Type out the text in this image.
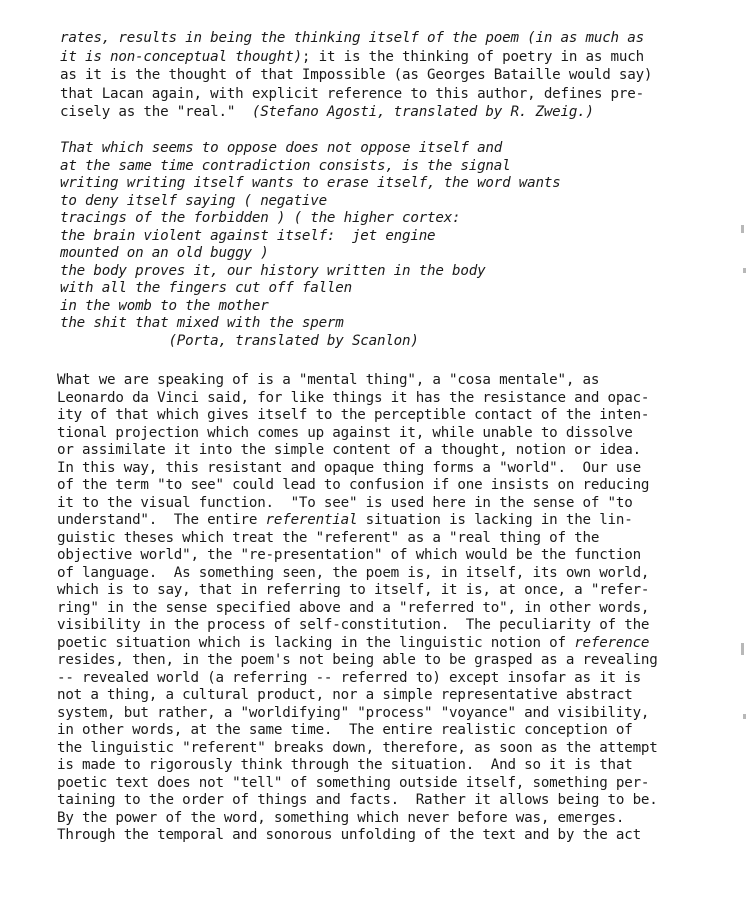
rates, results in being the thinking itself of the poem (in as much as
it is non-conceptual thought); it is the thinking of poetry in as much
as it is the thought of that Impossible (as Georges Bataille would say)
that Lacan again, with explicit reference to this author, defines pre-
cisely as the "real."  (Stefano Agosti, translated by R. Zweig.)
That which seems to oppose does not oppose itself and
at the same time contradiction consists, is the signal
writing writing itself wants to erase itself, the word wants
to deny itself saying ( negative
tracings of the forbidden ) ( the higher cortex:
the brain violent against itself:  jet engine
mounted on an old buggy )
the body proves it, our history written in the body
with all the fingers cut off fallen
in the womb to the mother
the shit that mixed with the sperm
(Porta, translated by Scanlon)
What we are speaking of is a "mental thing", a "cosa mentale", as
Leonardo da Vinci said, for like things it has the resistance and opac-
ity of that which gives itself to the perceptible contact of the inten-
tional projection which comes up against it, while unable to dissolve
or assimilate it into the simple content of a thought, notion or idea.
In this way, this resistant and opaque thing forms a "world".  Our use
of the term "to see" could lead to confusion if one insists on reducing
it to the visual function.  "To see" is used here in the sense of "to
understand".  The entire referential situation is lacking in the lin-
guistic theses which treat the "referent" as a "real thing of the
objective world", the "re-presentation" of which would be the function
of language.  As something seen, the poem is, in itself, its own world,
which is to say, that in referring to itself, it is, at once, a "refer-
ring" in the sense specified above and a "referred to", in other words,
visibility in the process of self-constitution.  The peculiarity of the
poetic situation which is lacking in the linguistic notion of reference
resides, then, in the poem's not being able to be grasped as a revealing
-- revealed world (a referring -- referred to) except insofar as it is
not a thing, a cultural product, nor a simple representative abstract
system, but rather, a "worldifying" "process" "voyance" and visibility,
in other words, at the same time.  The entire realistic conception of
the linguistic "referent" breaks down, therefore, as soon as the attempt
is made to rigorously think through the situation.  And so it is that
poetic text does not "tell" of something outside itself, something per-
taining to the order of things and facts.  Rather it allows being to be.
By the power of the word, something which never before was, emerges.
Through the temporal and sonorous unfolding of the text and by the act
